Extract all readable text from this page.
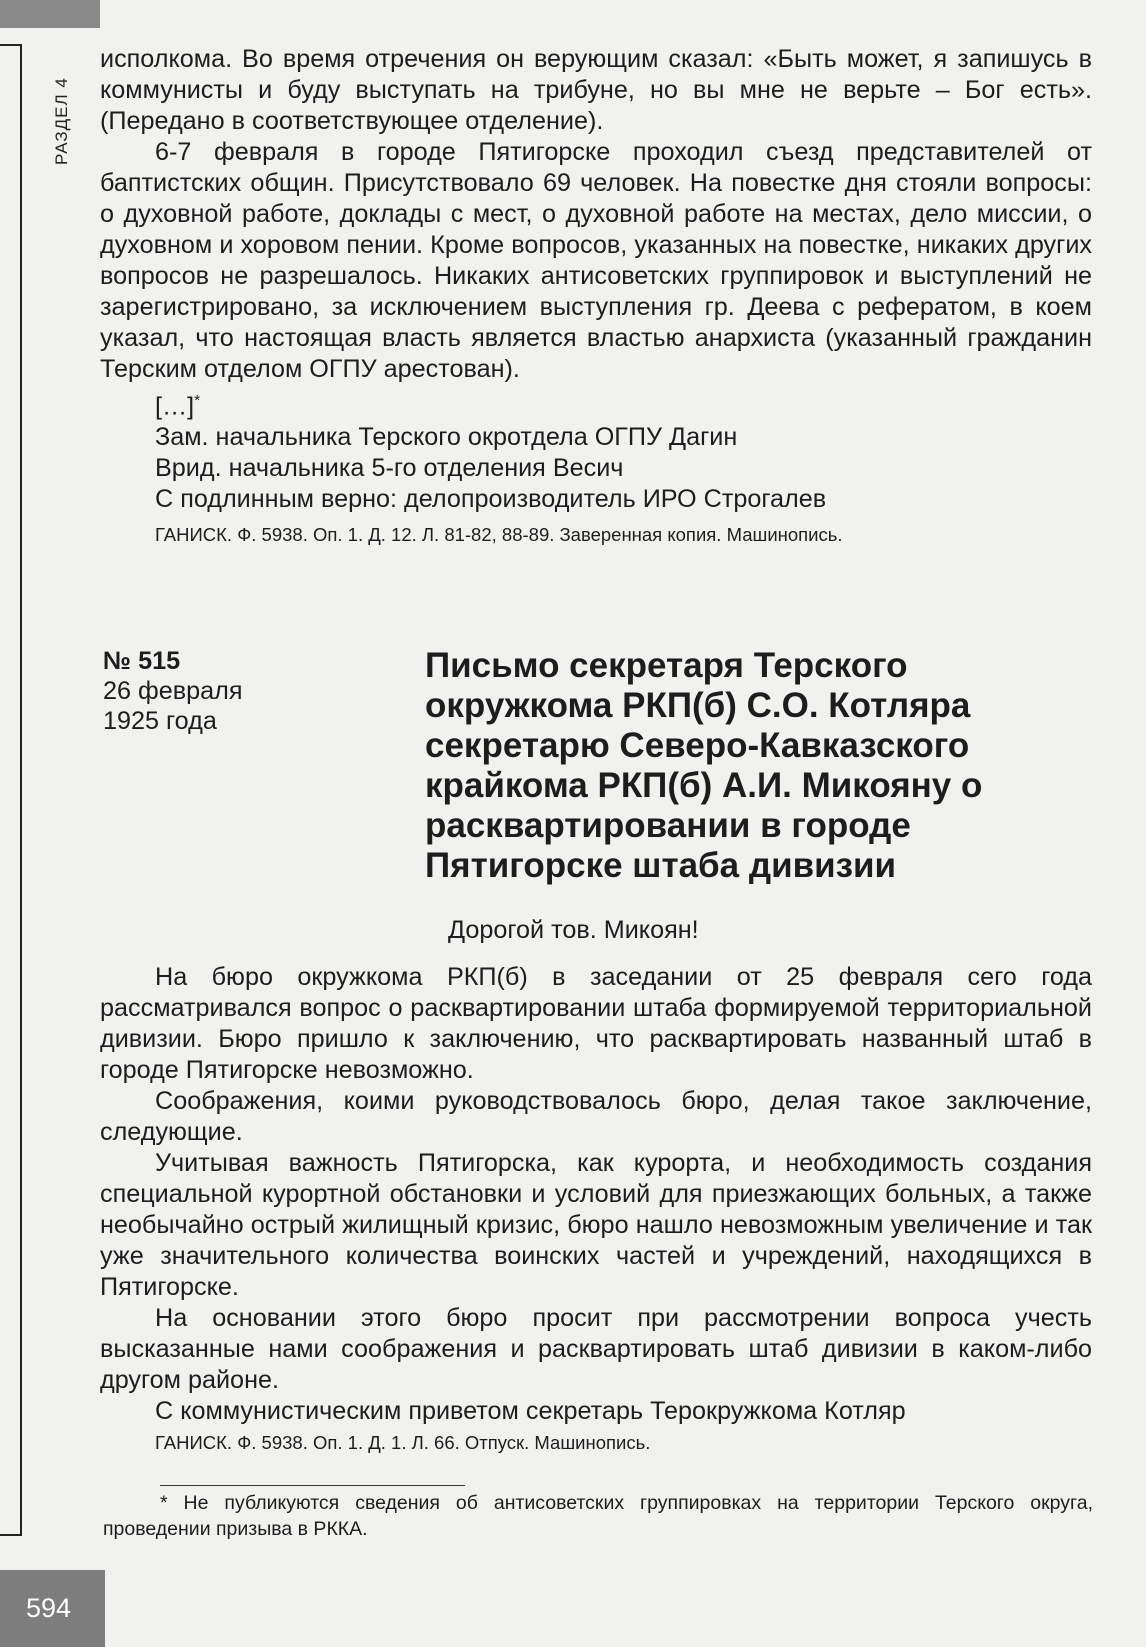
РАЗДЕЛ 4

исполкома. Во время отречения он верующим сказал: «Быть может, я запишусь в коммунисты и буду выступать на трибуне, но вы мне не верьте – Бог есть». (Передано в соответствующее отделение).

6-7 февраля в городе Пятигорске проходил съезд представителей от баптистских общин. Присутствовало 69 человек. На повестке дня стояли вопросы: о духовной работе, доклады с мест, о духовной работе на местах, дело миссии, о духовном и хоровом пении. Кроме вопросов, указанных на повестке, никаких других вопросов не разрешалось. Никаких антисоветских группировок и выступлений не зарегистрировано, за исключением выступления гр. Деева с рефератом, в коем указал, что настоящая власть является властью анархиста (указанный гражданин Терским отделом ОГПУ арестован).

[…]*
Зам. начальника Терского окротдела ОГПУ Дагин
Врид. начальника 5-го отделения Весич
С подлинным верно: делопроизводитель ИРО Строгалев
ГАНИСК. Ф. 5938. Оп. 1. Д. 12. Л. 81-82, 88-89. Заверенная копия. Машинопись.
№ 515
26 февраля
1925 года
Письмо секретаря Терского окружкома РКП(б) С.О. Котляра секретарю Северо-Кавказского крайкома РКП(б) А.И. Микояну о расквартировании в городе Пятигорске штаба дивизии
Дорогой тов. Микоян!

На бюро окружкома РКП(б) в заседании от 25 февраля сего года рассматривался вопрос о расквартировании штаба формируемой территориальной дивизии. Бюро пришло к заключению, что расквартировать названный штаб в городе Пятигорске невозможно.

Соображения, коими руководствовалось бюро, делая такое заключение, следующие.

Учитывая важность Пятигорска, как курорта, и необходимость создания специальной курортной обстановки и условий для приезжающих больных, а также необычайно острый жилищный кризис, бюро нашло невозможным увеличение и так уже значительного количества воинских частей и учреждений, находящихся в Пятигорске.

На основании этого бюро просит при рассмотрении вопроса учесть высказанные нами соображения и расквартировать штаб дивизии в каком-либо другом районе.

С коммунистическим приветом секретарь Терокружкома Котляр
ГАНИСК. Ф. 5938. Оп. 1. Д. 1. Л. 66. Отпуск. Машинопись.
* Не публикуются сведения об антисоветских группировках на территории Терского округа, проведении призыва в РККА.
594
